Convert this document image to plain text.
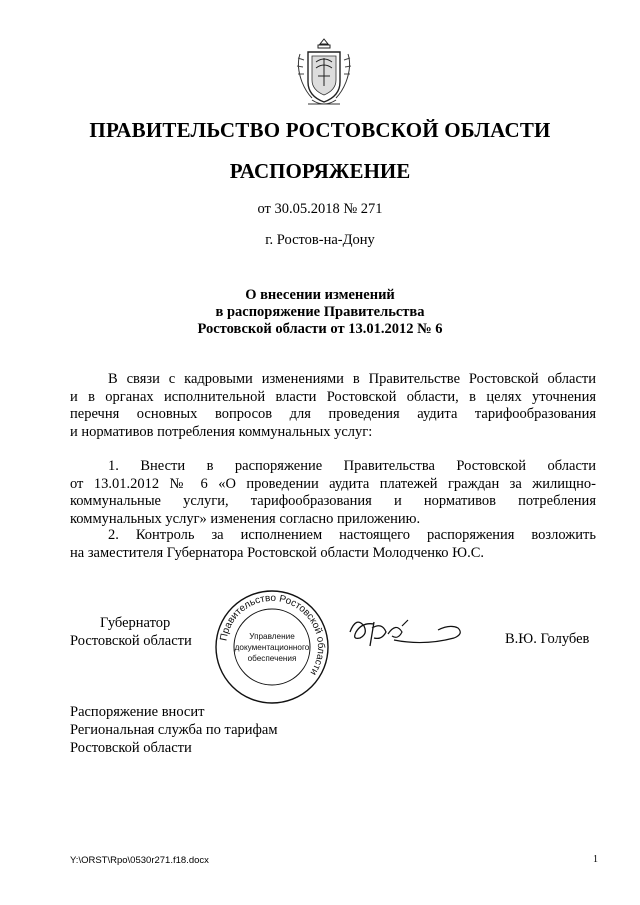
ПРАВИТЕЛЬСТВО РОСТОВСКОЙ ОБЛАСТИ
РАСПОРЯЖЕНИЕ
от 30.05.2018 № 271
г. Ростов-на-Дону
О внесении изменений
в распоряжение Правительства
Ростовской области от 13.01.2012 № 6
В связи с кадровыми изменениями в Правительстве Ростовской области
и в органах исполнительной власти Ростовской области, в целях уточнения
перечня основных вопросов для проведения аудита тарифообразования
и нормативов потребления коммунальных услуг:
1. Внести в распоряжение Правительства Ростовской области
от 13.01.2012 № 6 «О проведении аудита платежей граждан за жилищно-
коммунальные услуги, тарифообразования и нормативов потребления
коммунальных услуг» изменения согласно приложению.
2. Контроль за исполнением настоящего распоряжения возложить
на заместителя Губернатора Ростовской области Молодченко Ю.С.
Губернатор
Ростовской области	Правительство Ростовской области
Управление
документационного
обеспечения
В.Ю. Голубев
Распоряжение вносит
Региональная служба по тарифам
Ростовской области
Y:\ORST\Rpo\0530r271.f18.docx	1
